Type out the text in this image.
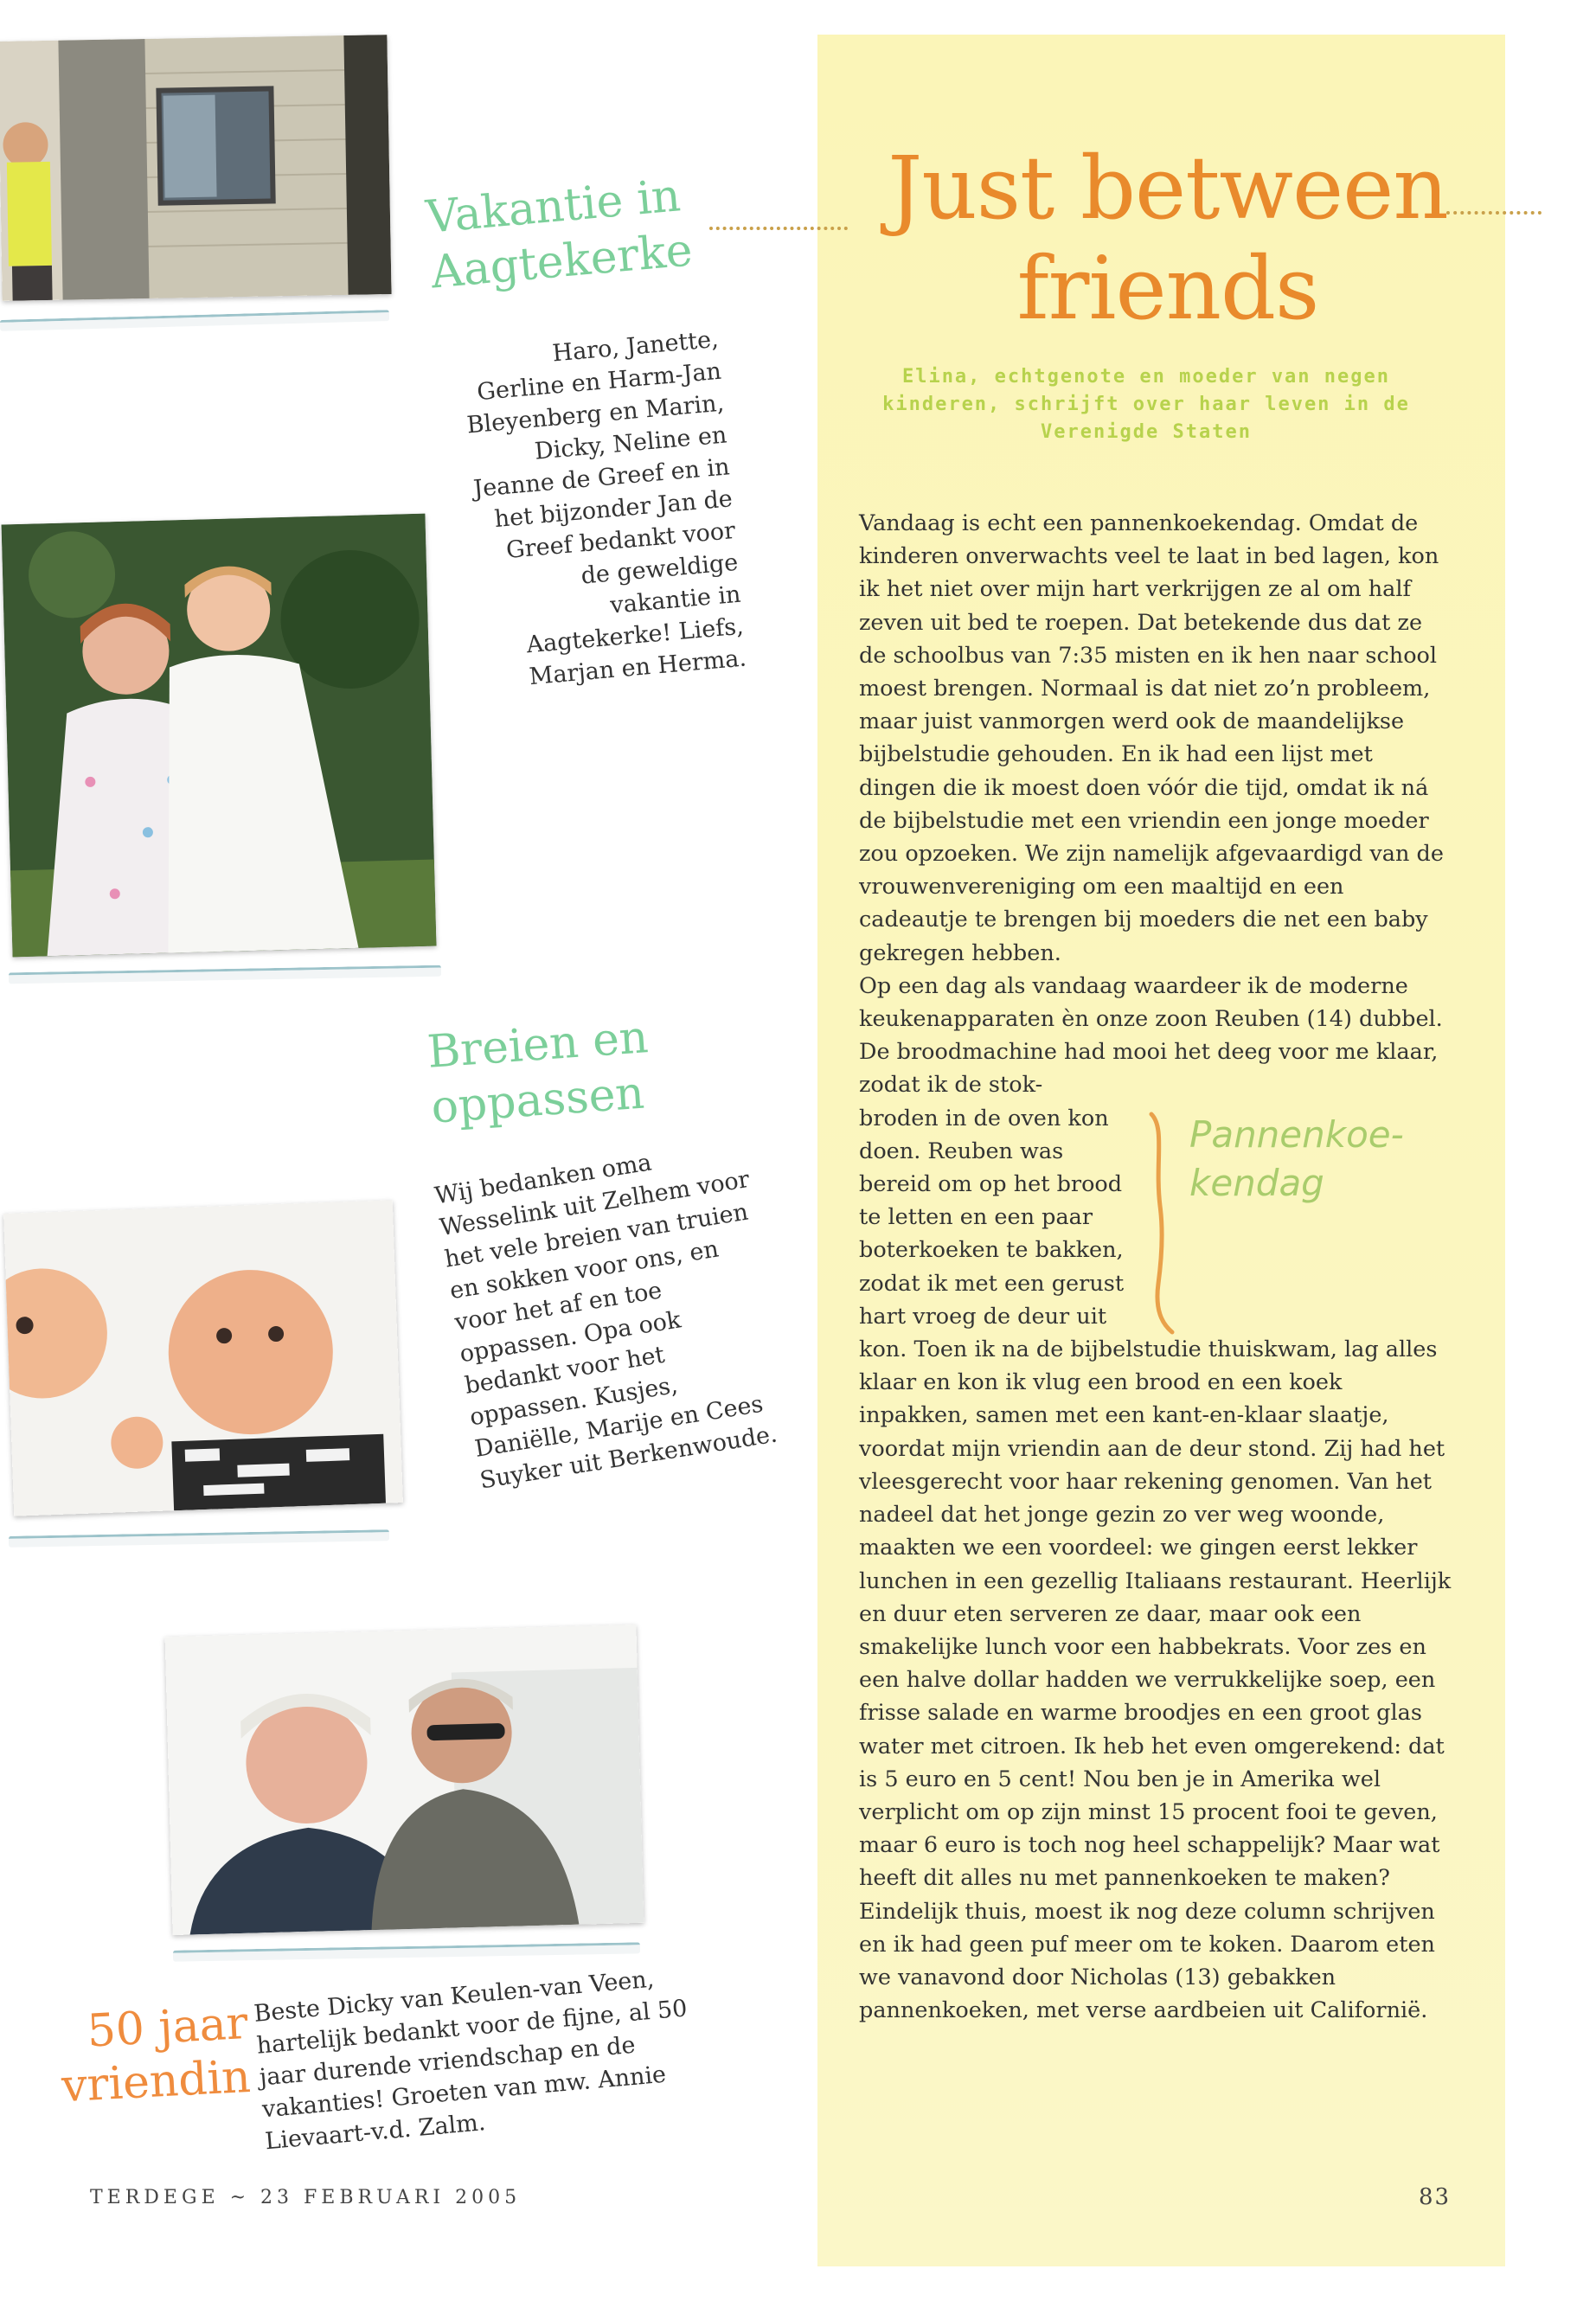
Just between
friends
Elina, echtgenote en moeder van negen kinderen, schrijft over haar leven in de Verenigde Staten

Vandaag is echt een pannenkoekendag. Omdat de kinderen onverwachts veel te laat in bed lagen, kon ik het niet over mijn hart verkrijgen ze al om half zeven uit bed te roepen. Dat betekende dus dat ze de schoolbus van 7:35 misten en ik hen naar school moest brengen. Normaal is dat niet zo’n probleem, maar juist vanmorgen werd ook de maandelijkse bijbelstudie gehouden. En ik had een lijst met dingen die ik moest doen vóór die tijd, omdat ik ná de bijbelstudie met een vriendin een jonge moeder zou opzoeken. We zijn namelijk afgevaardigd van de vrouwenvereniging om een maaltijd en een cadeautje te brengen bij moeders die net een baby gekregen hebben.

Op een dag als vandaag waardeer ik de moderne keukenapparaten èn onze zoon Reuben (14) dubbel. De broodmachine had mooi het deeg voor me klaar, zodat ik de stok-

broden in de oven kon doen. Reuben was bereid om op het brood te letten en een paar boterkoeken te bakken, zodat ik met een gerust hart vroeg de deur uit
Pannenkoe-kendag

kon. Toen ik na de bijbelstudie thuiskwam, lag alles klaar en kon ik vlug een brood en een koek inpakken, samen met een kant-en-klaar slaatje, voordat mijn vriendin aan de deur stond. Zij had het vleesgerecht voor haar rekening genomen. Van het nadeel dat het jonge gezin zo ver weg woonde, maakten we een voordeel: we gingen eerst lekker lunchen in een gezellig Italiaans restaurant. Heerlijk en duur eten serveren ze daar, maar ook een smakelijke lunch voor een habbekrats. Voor zes en een halve dollar hadden we verrukkelijke soep, een frisse salade en warme broodjes en een groot glas water met citroen. Ik heb het even omgerekend: dat is 5 euro en 5 cent! Nou ben je in Amerika wel verplicht om op zijn minst 15 procent fooi te geven, maar 6 euro is toch nog heel schappelijk? Maar wat heeft dit alles nu met pannenkoeken te maken? Eindelijk thuis, moest ik nog deze column schrijven en ik had geen puf meer om te koken. Daarom eten we vanavond door Nicholas (13) gebakken pannenkoeken, met verse aardbeien uit Californië.

83
Vakantie in Aagtekerke
Haro, Janette, Gerline en Harm-Jan Bleyenberg en Marin, Dicky, Neline en Jeanne de Greef en in het bijzonder Jan de Greef bedankt voor de geweldige vakantie in Aagtekerke! Liefs, Marjan en Herma.
Breien en oppassen
Wij bedanken oma Wesselink uit Zelhem voor het vele breien van truien en sokken voor ons, en voor het af en toe oppassen. Opa ook bedankt voor het oppassen. Kusjes, Daniëlle, Marije en Cees Suyker uit Berkenwoude.
50 jaar vriendin
Beste Dicky van Keulen-van Veen, hartelijk bedankt voor de fijne, al 50 jaar durende vriendschap en de vakanties! Groeten van mw. Annie Lievaart-v.d. Zalm.
TERDEGE ~ 23 FEBRUARI 2005
